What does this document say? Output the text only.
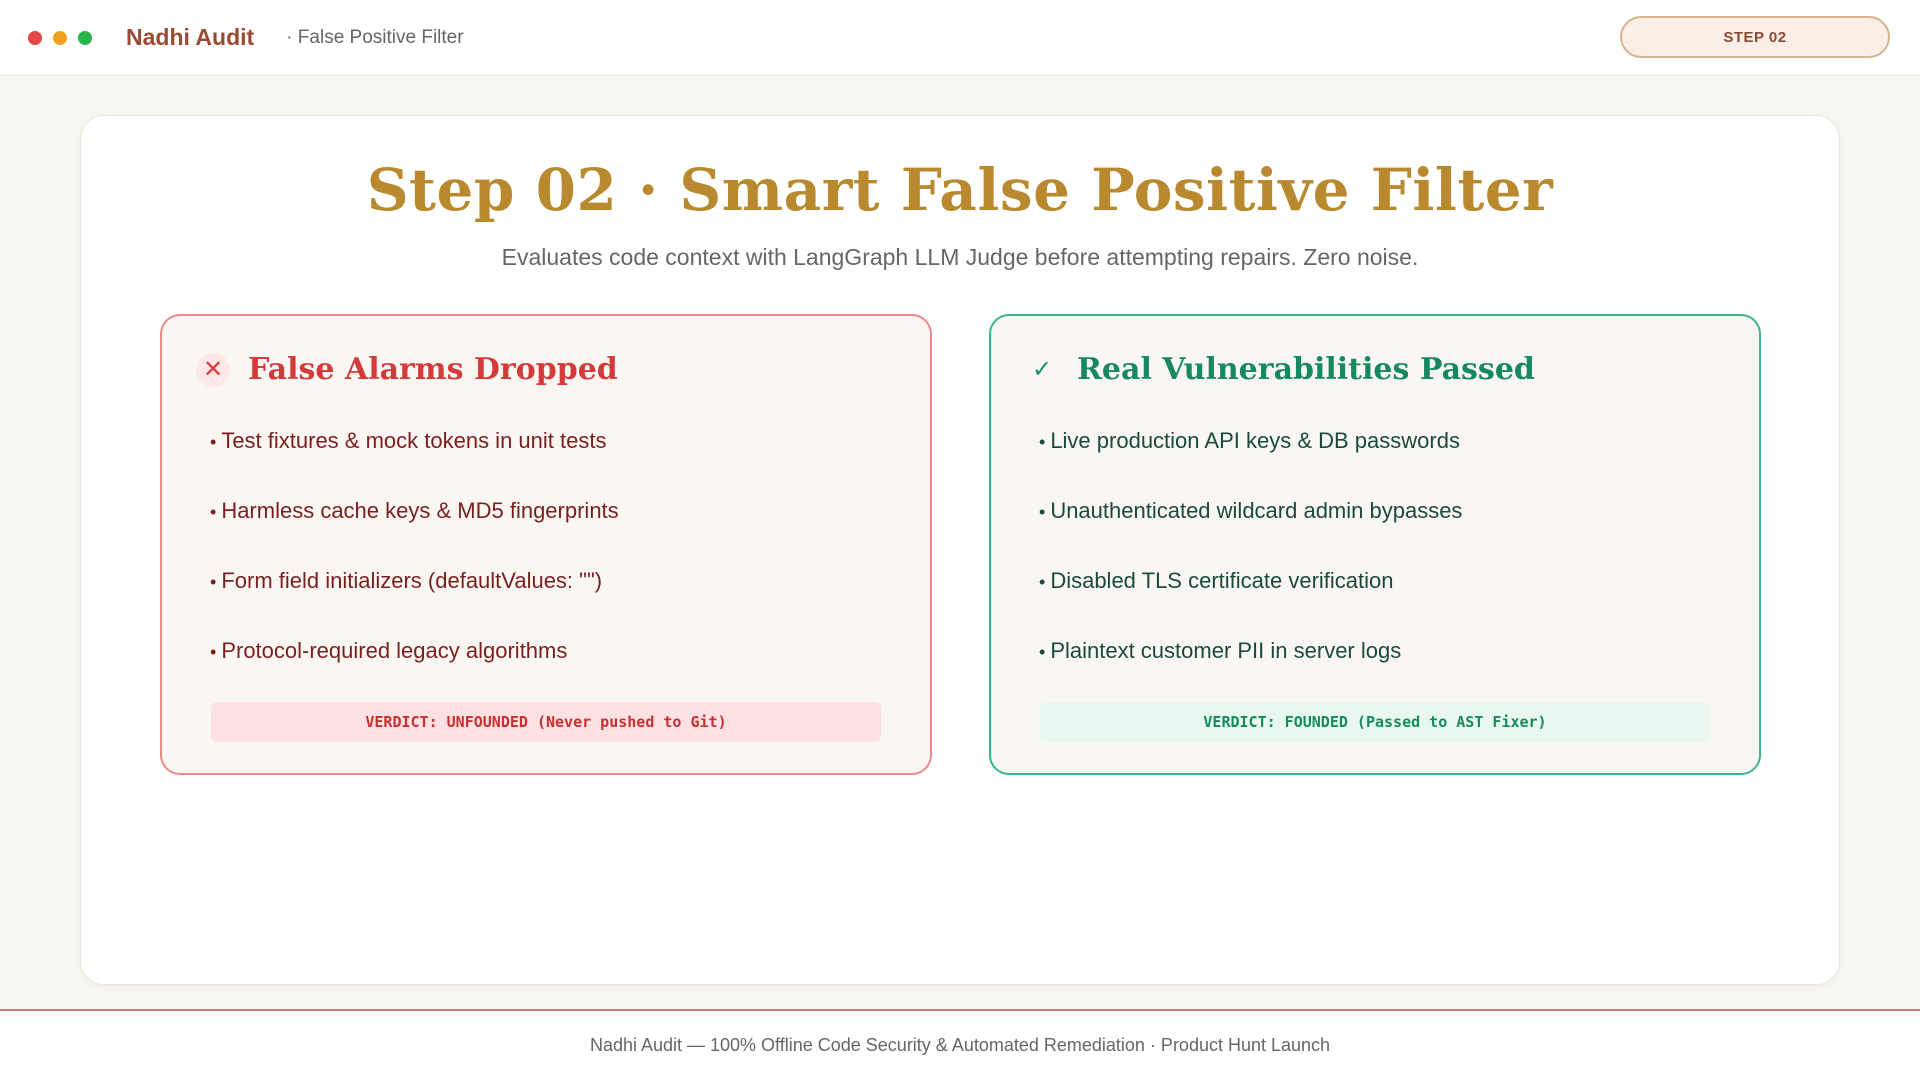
Nadhi Audit · False Positive Filter	STEP 02
Step 02 · Smart False Positive Filter

Evaluates code context with LangGraph LLM Judge before attempting repairs. Zero noise.

✕ False Alarms Dropped
• Test fixtures & mock tokens in unit tests
• Harmless cache keys & MD5 fingerprints
• Form field initializers (defaultValues: "")
• Protocol-required legacy algorithms
VERDICT: UNFOUNDED (Never pushed to Git)
✓ Real Vulnerabilities Passed
• Live production API keys & DB passwords
• Unauthenticated wildcard admin bypasses
• Disabled TLS certificate verification
• Plaintext customer PII in server logs
VERDICT: FOUNDED (Passed to AST Fixer)
Nadhi Audit — 100% Offline Code Security & Automated Remediation · Product Hunt Launch
